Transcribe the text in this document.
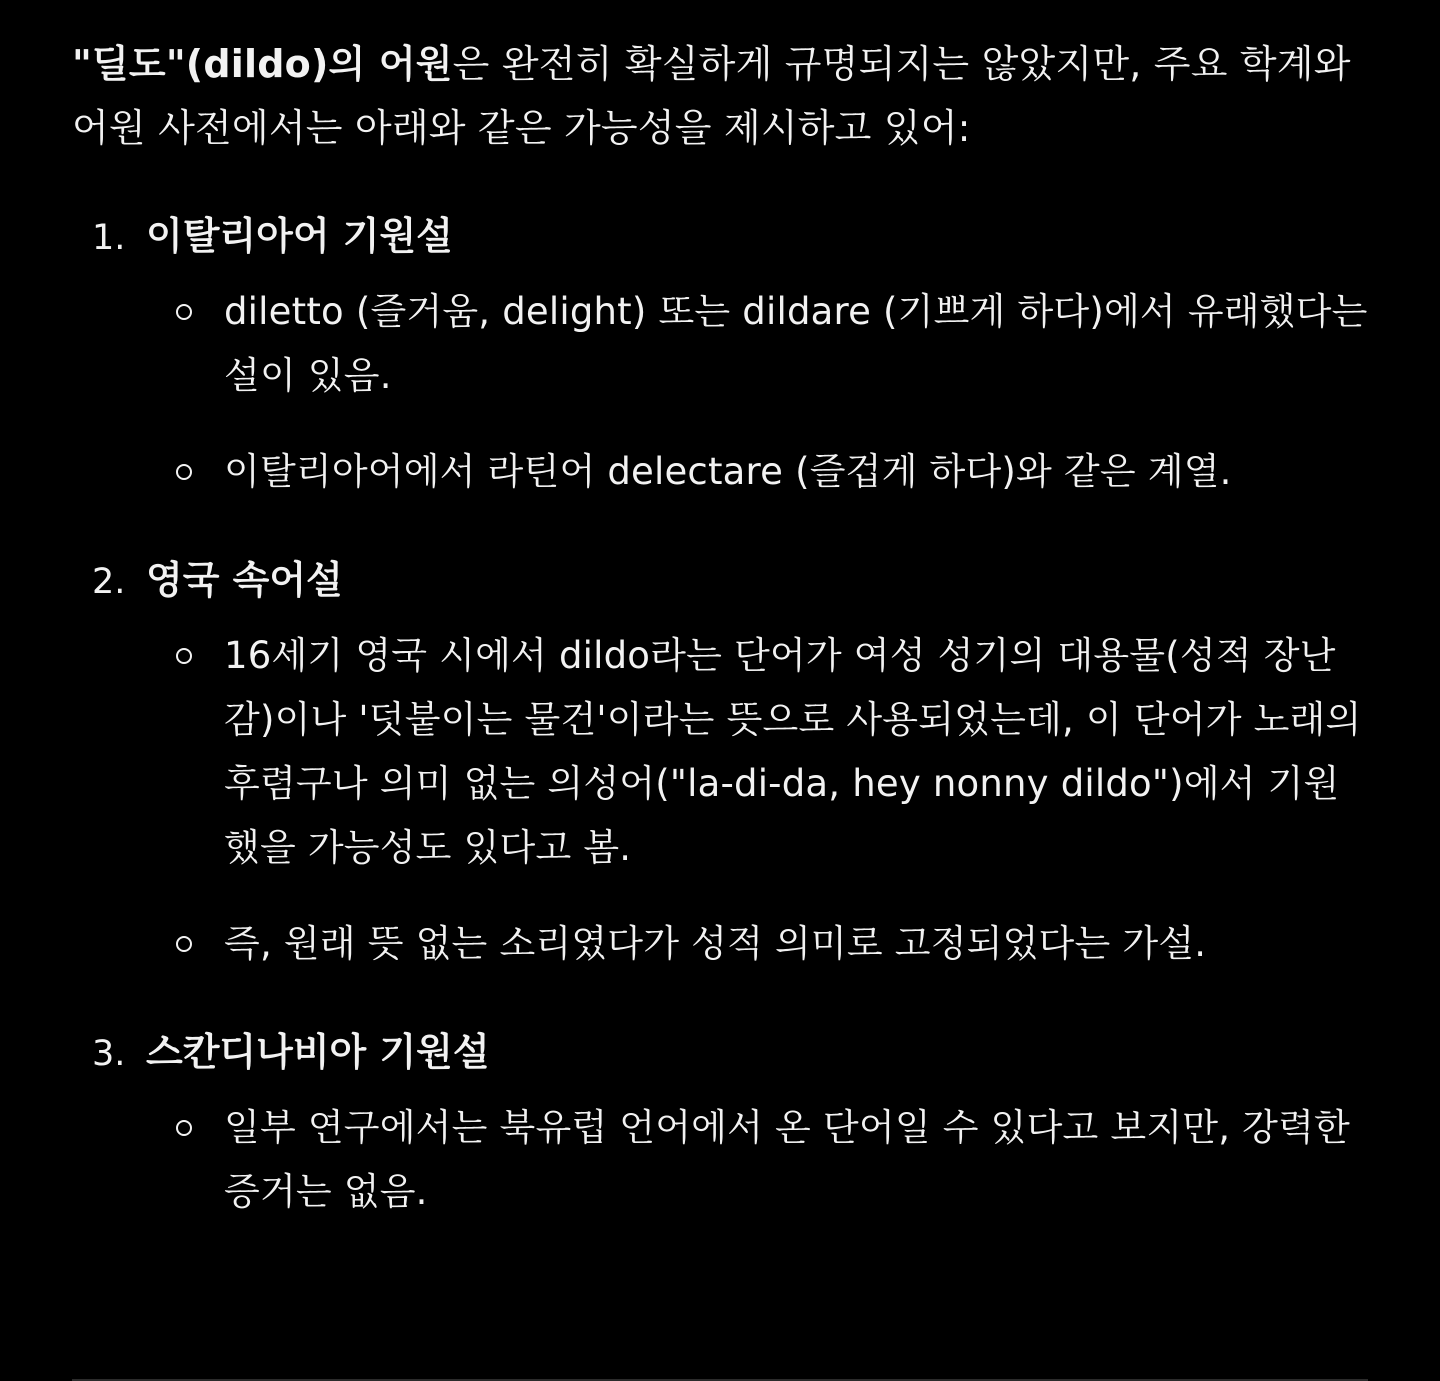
"딜도"(dildo)의 어원은 완전히 확실하게 규명되지는 않았지만, 주요 학계와 어원 사전에서는 아래와 같은 가능성을 제시하고 있어:

1. 이탈리아어 기원설
diletto (즐거움, delight) 또는 dildare (기쁘게 하다)에서 유래했다는 설이 있음.
이탈리아어에서 라틴어 delectare (즐겁게 하다)와 같은 계열.
2. 영국 속어설
16세기 영국 시에서 dildo라는 단어가 여성 성기의 대용물(성적 장난감)이나 '덧붙이는 물건'이라는 뜻으로 사용되었는데, 이 단어가 노래의 후렴구나 의미 없는 의성어("la-di-da, hey nonny dildo")에서 기원했을 가능성도 있다고 봄.
즉, 원래 뜻 없는 소리였다가 성적 의미로 고정되었다는 가설.
3. 스칸디나비아 기원설
일부 연구에서는 북유럽 언어에서 온 단어일 수 있다고 보지만, 강력한 증거는 없음.
